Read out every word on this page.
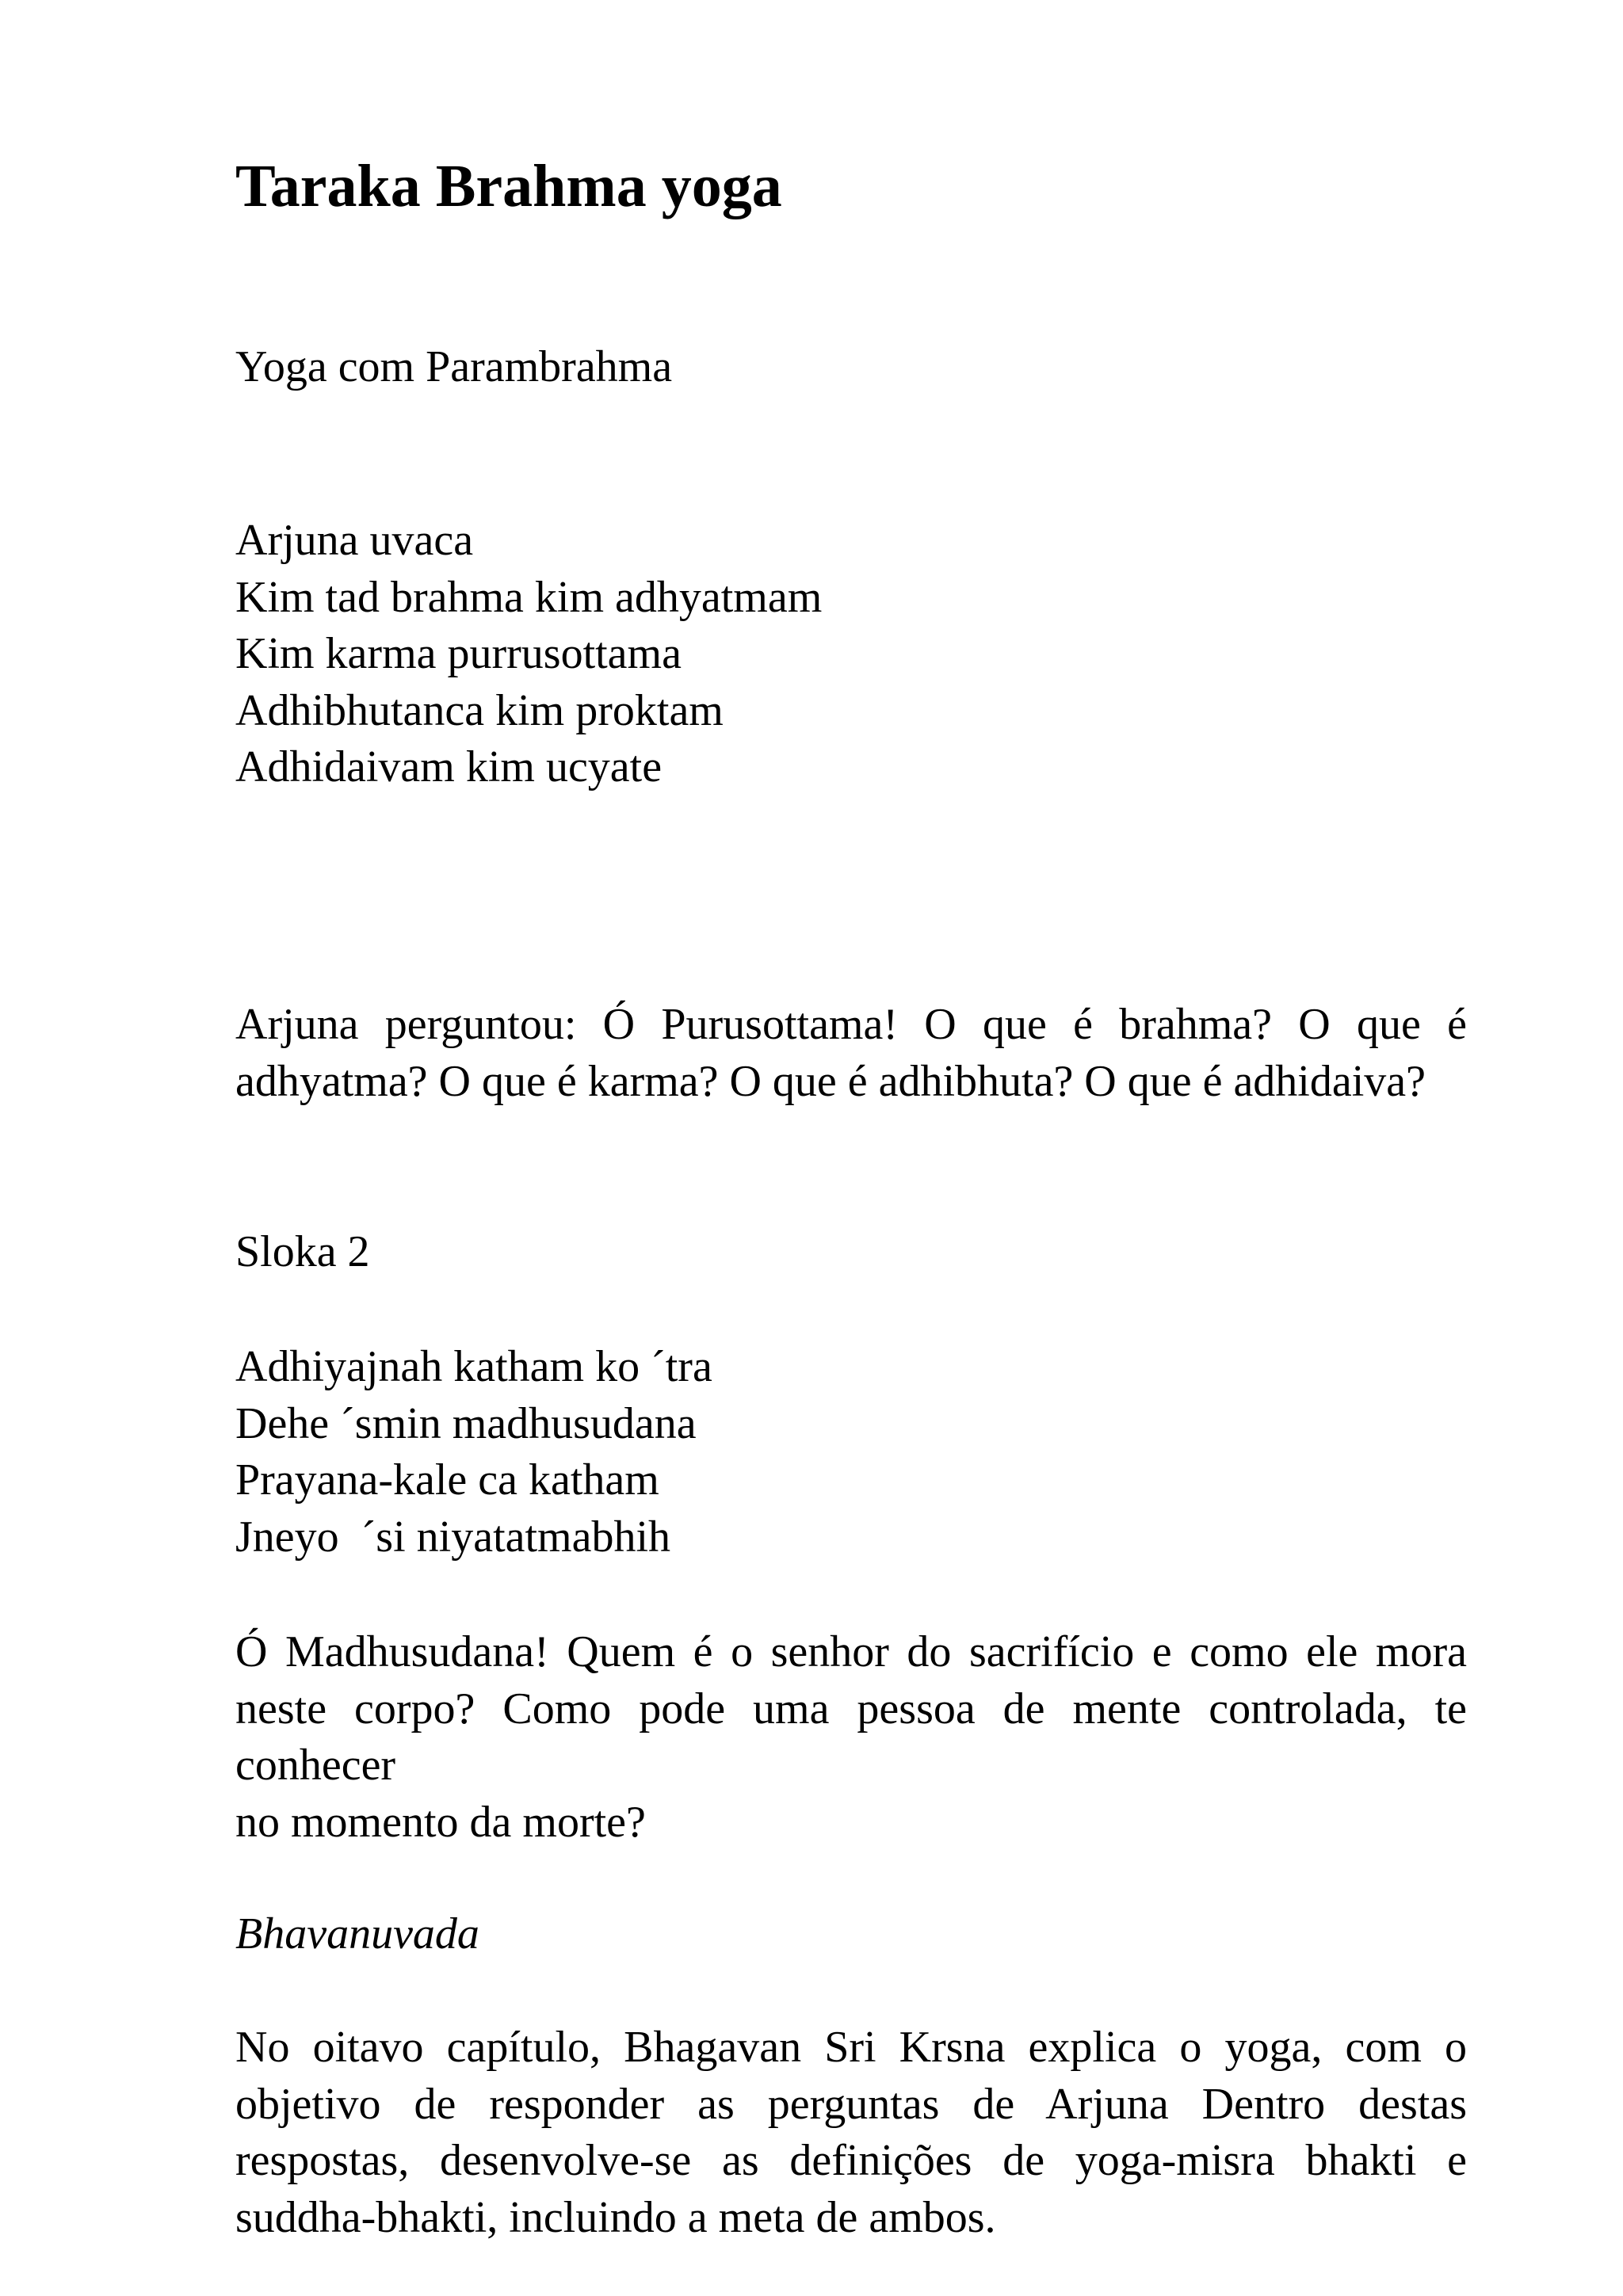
Taraka Brahma yoga

Yoga com Parambrahma

Arjuna uvaca
Kim tad brahma kim adhyatmam
Kim karma purrusottama
Adhibhutanca kim proktam
Adhidaivam kim ucyate

Arjuna perguntou: Ó Purusottama! O que é brahma? O que é adhyatma? O que é karma? O que é adhibhuta? O que é adhidaiva?

Sloka 2

Adhiyajnah katham ko ´tra
Dehe ´smin madhusudana
Prayana-kale ca katham
Jneyo  ´si niyatatmabhih

Ó Madhusudana! Quem é o senhor do sacrifício e como ele mora neste corpo? Como pode uma pessoa de mente controlada, te conhecer

no momento da morte?

Bhavanuvada

No oitavo capítulo, Bhagavan Sri Krsna explica o yoga, com o objetivo de responder as perguntas de Arjuna Dentro destas respostas, desenvolve-se as definições de yoga-misra bhakti e suddha-bhakti, incluindo a meta de ambos.
